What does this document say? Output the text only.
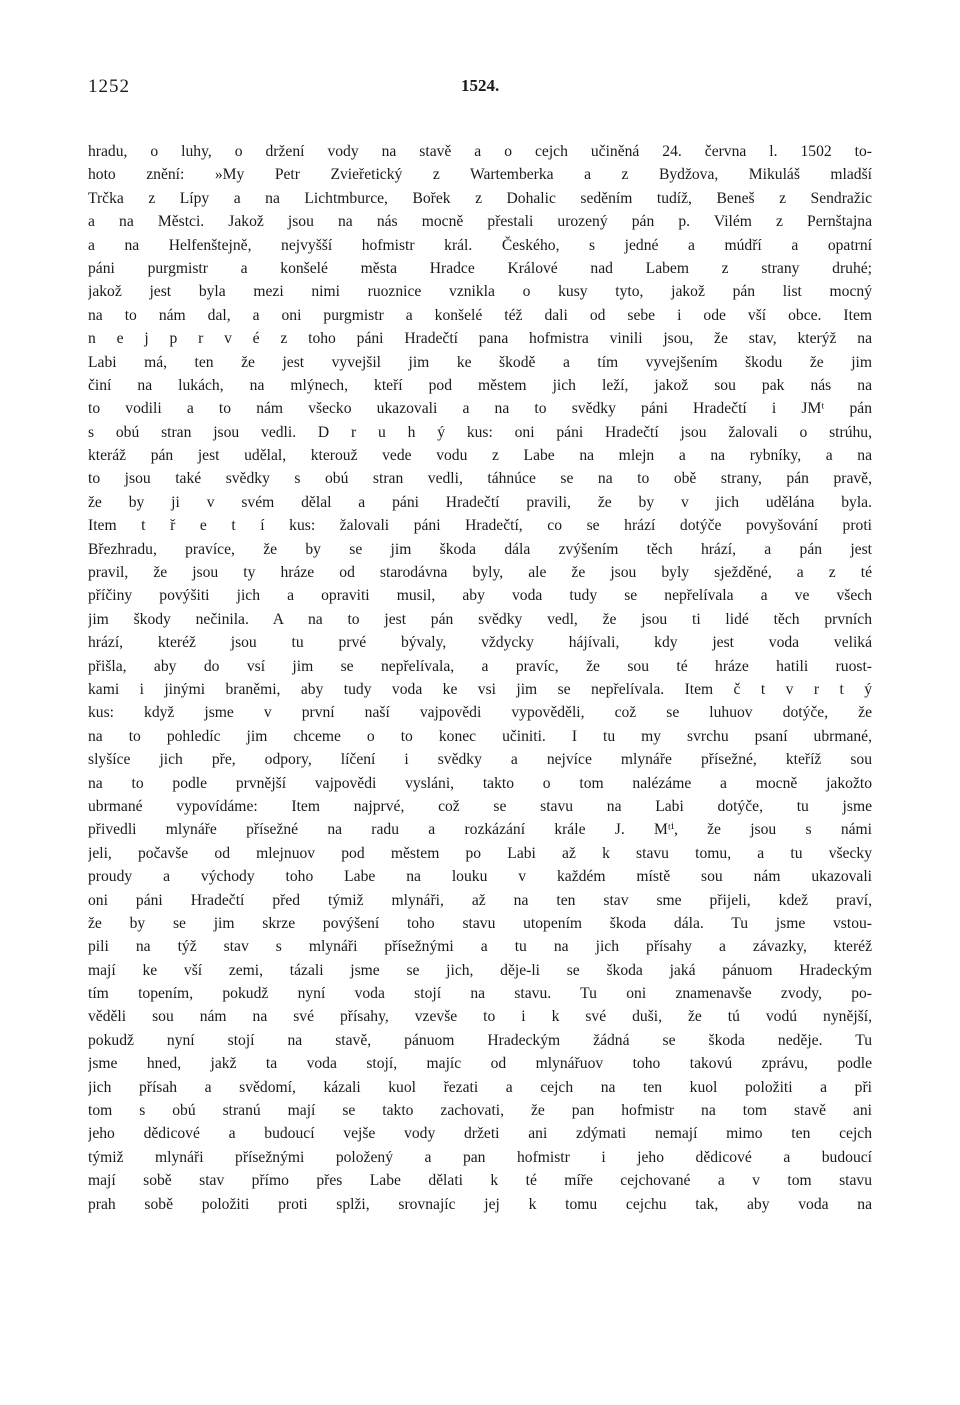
1252	1524.
hradu, o luhy, o držení vody na stavě a o cejch učiněná 24. června l. 1502 to-
hoto znění: »My Petr Zvieřetický z Wartemberka a z Bydžova, Mikuláš mladší
Trčka z Lípy a na Lichtmburce, Bořek z Dohalic seděním tudíž, Beneš z Sendražic
a na Městci. Jakož jsou na nás mocně přestali urozený pán p. Vilém z Pernštajna
a na Helfenštejně, nejvyšší hofmistr král. Českého, s jedné a múdří a opatrní
páni purgmistr a konšelé města Hradce Králové nad Labem z strany druhé;
jakož jest byla mezi nimi ruoznice vznikla o kusy tyto, jakož pán list mocný
na to nám dal, a oni purgmistr a konšelé též dali od sebe i ode vší obce. Item
n e j p r v é z toho páni Hradečtí pana hofmistra vinili jsou, že stav, kterýž na
Labi má, ten že jest vyvejšil jim ke škodě a tím vyvejšením škodu že jim
činí na lukách, na mlýnech, kteří pod městem jich leží, jakož sou pak nás na
to vodili a to nám všecko ukazovali a na to svědky páni Hradečtí i JMᵗ pán
s obú stran jsou vedli. D r u h ý kus: oni páni Hradečtí jsou žalovali o strúhu,
kteráž pán jest udělal, kterouž vede vodu z Labe na mlejn a na rybníky, a na
to jsou také svědky s obú stran vedli, táhnúce se na to obě strany, pán pravě,
že by ji v svém dělal a páni Hradečtí pravili, že by v jich udělána byla.
Item t ř e t í kus: žalovali páni Hradečtí, co se hrází dotýče povyšování proti
Březhradu, pravíce, že by se jim škoda dála zvýšením těch hrází, a pán jest
pravil, že jsou ty hráze od starodávna byly, ale že jsou byly sježděné, a z té
příčiny povýšiti jich a opraviti musil, aby voda tudy se nepřelívala a ve všech
jim škody nečinila. A na to jest pán svědky vedl, že jsou ti lidé těch prvních
hrází, kteréž jsou tu prvé bývaly, vždycky hájívali, kdy jest voda veliká
přišla, aby do vsí jim se nepřelívala, a pravíc, že sou té hráze hatili ruost-
kami i jinými braněmi, aby tudy voda ke vsi jim se nepřelívala. Item č t v r t ý
kus: když jsme v první naší vajpovědi vypověděli, což se luhuov dotýče, že
na to pohledíc jim chceme o to konec učiniti. I tu my svrchu psaní ubrmané,
slyšíce jich pře, odpory, líčení i svědky a nejvíce mlynáře přísežné, kteříž sou
na to podle prvnější vajpovědi vysláni, takto o tom nalézáme a mocně jakožto
ubrmané vypovídáme: Item najprvé, což se stavu na Labi dotýče, tu jsme
přivedli mlynáře přísežné na radu a rozkázání krále J. Mᵗⁱ, že jsou s námi
jeli, počavše od mlejnuov pod městem po Labi až k stavu tomu, a tu všecky
proudy a východy toho Labe na louku v každém místě sou nám ukazovali
oni páni Hradečtí před týmiž mlynáři, až na ten stav sme přijeli, kdež praví,
že by se jim skrze povýšení toho stavu utopením škoda dála. Tu jsme vstou-
pili na týž stav s mlynáři přísežnými a tu na jich přísahy a závazky, kteréž
mají ke vší zemi, tázali jsme se jich, děje-li se škoda jaká pánuom Hradeckým
tím topením, pokudž nyní voda stojí na stavu. Tu oni znamenavše zvody, po-
věděli sou nám na své přísahy, vzevše to i k své duši, že tú vodú nynější,
pokudž nyní stojí na stavě, pánuom Hradeckým žádná se škoda neděje. Tu
jsme hned, jakž ta voda stojí, majíc od mlynářuov toho takovú zprávu, podle
jich přísah a svědomí, kázali kuol řezati a cejch na ten kuol položiti a při
tom s obú stranú mají se takto zachovati, že pan hofmistr na tom stavě ani
jeho dědicové a budoucí vejše vody držeti ani zdýmati nemají mimo ten cejch
týmiž mlynáři přísežnými položený a pan hofmistr i jeho dědicové a budoucí
mají sobě stav přímo přes Labe dělati k té míře cejchované a v tom stavu
prah sobě položiti proti splži, srovnajíc jej k tomu cejchu tak, aby voda na
